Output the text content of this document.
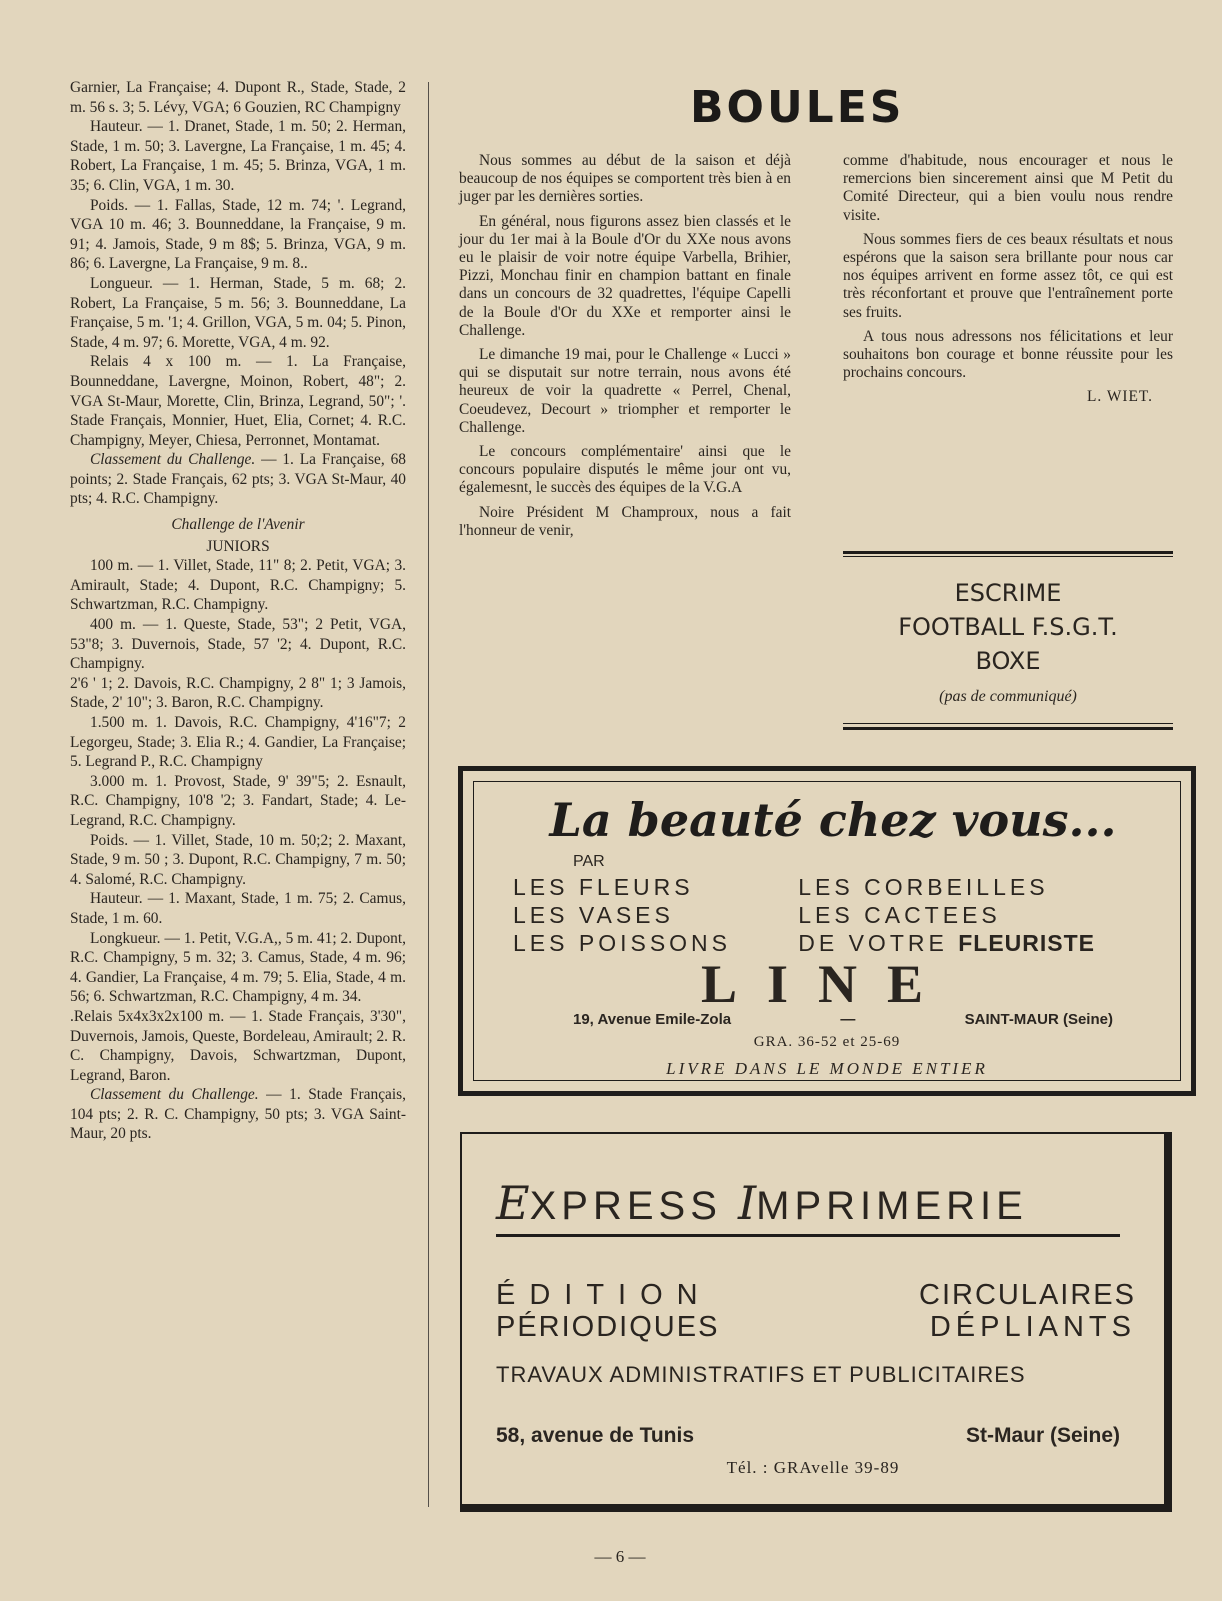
Garnier, La Française; 4. Dupont R., Stade, Stade, 2 m. 56 s. 3; 5. Lévy, VGA; 6 Gouzien, RC Champigny

Hauteur. — 1. Dranet, Stade, 1 m. 50; 2. Herman, Stade, 1 m. 50; 3. Lavergne, La Française, 1 m. 45; 4. Robert, La Française, 1 m. 45; 5. Brinza, VGA, 1 m. 35; 6. Clin, VGA, 1 m. 30.

Poids. — 1. Fallas, Stade, 12 m. 74; '. Legrand, VGA 10 m. 46; 3. Bounneddane, la Française, 9 m. 91; 4. Jamois, Stade, 9 m 8$; 5. Brinza, VGA, 9 m. 86; 6. Lavergne, La Française, 9 m. 8..

Longueur. — 1. Herman, Stade, 5 m. 68; 2. Robert, La Française, 5 m. 56; 3. Bounneddane, La Française, 5 m. '1; 4. Grillon, VGA, 5 m. 04; 5. Pinon, Stade, 4 m. 97; 6. Morette, VGA, 4 m. 92.

Relais 4 x 100 m. — 1. La Française, Bounneddane, Lavergne, Moinon, Robert, 48"; 2. VGA St-Maur, Morette, Clin, Brinza, Legrand, 50"; '. Stade Français, Monnier, Huet, Elia, Cornet; 4. R.C. Champigny, Meyer, Chiesa, Perronnet, Montamat.

Classement du Challenge. — 1. La Française, 68 points; 2. Stade Français, 62 pts; 3. VGA St-Maur, 40 pts; 4. R.C. Champigny.

Challenge de l'Avenir

JUNIORS

100 m. — 1. Villet, Stade, 11" 8; 2. Petit, VGA; 3. Amirault, Stade; 4. Dupont, R.C. Champigny; 5. Schwartzman, R.C. Champigny.

400 m. — 1. Queste, Stade, 53"; 2 Petit, VGA, 53"8; 3. Duvernois, Stade, 57 '2; 4. Dupont, R.C. Champigny.

2'6 ' 1; 2. Davois, R.C. Champigny, 2 8" 1; 3 Jamois, Stade, 2' 10"; 3. Baron, R.C. Champigny.

1.500 m. 1. Davois, R.C. Champigny, 4'16"7; 2 Legorgeu, Stade; 3. Elia R.; 4. Gandier, La Française; 5. Legrand P., R.C. Champigny

3.000 m. 1. Provost, Stade, 9' 39"5; 2. Esnault, R.C. Champigny, 10'8 '2; 3. Fandart, Stade; 4. Le-Legrand, R.C. Champigny.

Poids. — 1. Villet, Stade, 10 m. 50;2; 2. Maxant, Stade, 9 m. 50 ; 3. Dupont, R.C. Champigny, 7 m. 50; 4. Salomé, R.C. Champigny.

Hauteur. — 1. Maxant, Stade, 1 m. 75; 2. Camus, Stade, 1 m. 60.

Longkueur. — 1. Petit, V.G.A,, 5 m. 41; 2. Dupont, R.C. Champigny, 5 m. 32; 3. Camus, Stade, 4 m. 96; 4. Gandier, La Française, 4 m. 79; 5. Elia, Stade, 4 m. 56; 6. Schwartzman, R.C. Champigny, 4 m. 34.

.Relais 5x4x3x2x100 m. — 1. Stade Français, 3'30", Duvernois, Jamois, Queste, Bordeleau, Amirault; 2. R. C. Champigny, Davois, Schwartzman, Dupont, Legrand, Baron.

Classement du Challenge. — 1. Stade Français, 104 pts; 2. R. C. Champigny, 50 pts; 3. VGA Saint-Maur, 20 pts.

BOULES

Nous sommes au début de la saison et déjà beaucoup de nos équipes se comportent très bien à en juger par les dernières sorties.

En général, nous figurons assez bien classés et le jour du 1er mai à la Boule d'Or du XXe nous avons eu le plaisir de voir notre équipe Varbella, Brihier, Pizzi, Monchau finir en champion battant en finale dans un concours de 32 quadrettes, l'équipe Capelli de la Boule d'Or du XXe et remporter ainsi le Challenge.

Le dimanche 19 mai, pour le Challenge « Lucci » qui se disputait sur notre terrain, nous avons été heureux de voir la quadrette « Perrel, Chenal, Coeudevez, Decourt » triompher et remporter le Challenge.

Le concours complémentaire' ainsi que le concours populaire disputés le même jour ont vu, égalemesnt, le succès des équipes de la V.G.A

Noire Président M Champroux, nous a fait l'honneur de venir,

comme d'habitude, nous encourager et nous le remercions bien sincerement ainsi que M Petit du Comité Directeur, qui a bien voulu nous rendre visite.

Nous sommes fiers de ces beaux résultats et nous espérons que la saison sera brillante pour nous car nos équipes arrivent en forme assez tôt, ce qui est très réconfortant et prouve que l'entraînement porte ses fruits.

A tous nous adressons nos félicitations et leur souhaitons bon courage et bonne réussite pour les prochains concours.

L. WIET.

ESCRIME
FOOTBALL F.S.G.T.
BOXE
(pas de communiqué)
La beauté chez vous...
PAR
LES FLEURS	LES CORBEILLES
LES VASES	LES CACTEES
LES POISSONS	DE VOTRE FLEURISTE
LINE
19, Avenue Emile-Zola	—	SAINT-MAUR (Seine)
GRA. 36-52 et 25-69
LIVRE DANS LE MONDE ENTIER
EXPRESS IMPRIMERIE
ÉDITION	CIRCULAIRES
PÉRIODIQUES	DÉPLIANTS
TRAVAUX ADMINISTRATIFS ET PUBLICITAIRES
58, avenue de Tunis	St-Maur (Seine)
Tél. : GRAvelle 39-89
— 6 —
